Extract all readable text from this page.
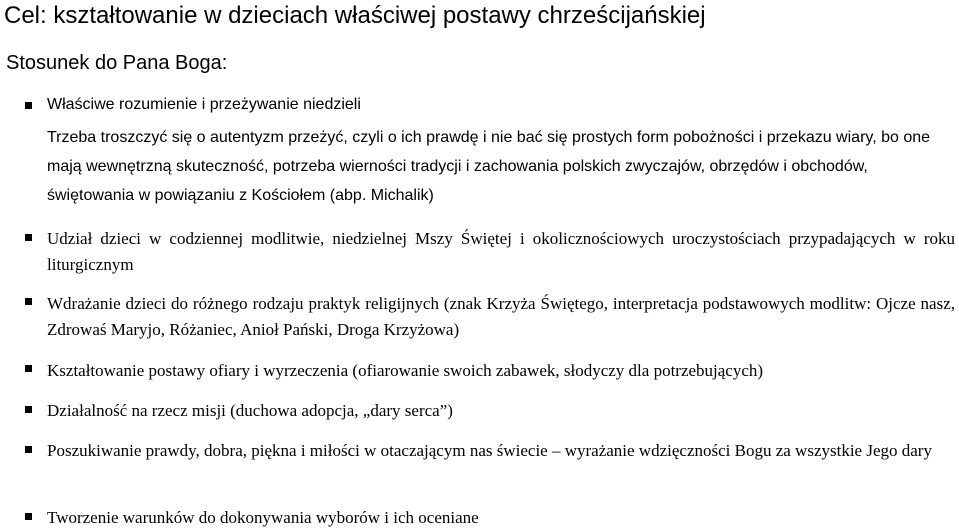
Cel: kształtowanie w dzieciach właściwej postawy chrześcijańskiej
Stosunek do Pana Boga:
Właściwe rozumienie i przeżywanie niedzieli
Trzeba troszczyć się o autentyzm przeżyć, czyli o ich prawdę i nie bać się prostych form pobożności i przekazu wiary, bo one mają wewnętrzną skuteczność, potrzeba wierności tradycji i zachowania polskich zwyczajów, obrzędów i obchodów, świętowania w powiązaniu z Kościołem (abp. Michalik)
Udział dzieci w codziennej modlitwie, niedzielnej Mszy Świętej i okolicznościowych uroczystościach przypadających w roku liturgicznym
Wdrażanie dzieci do różnego rodzaju praktyk religijnych (znak Krzyża Świętego, interpretacja podstawowych modlitw: Ojcze nasz, Zdrowaś Maryjo, Różaniec, Anioł Pański, Droga Krzyżowa)
Kształtowanie postawy ofiary i wyrzeczenia (ofiarowanie swoich zabawek, słodyczy dla potrzebujących)
Działalność na rzecz misji (duchowa adopcja, „dary serca”)
Poszukiwanie prawdy, dobra, piękna i miłości w otaczającym nas świecie – wyrażanie wdzięczności Bogu za wszystkie Jego dary
Tworzenie warunków do dokonywania wyborów i ich oceniane
